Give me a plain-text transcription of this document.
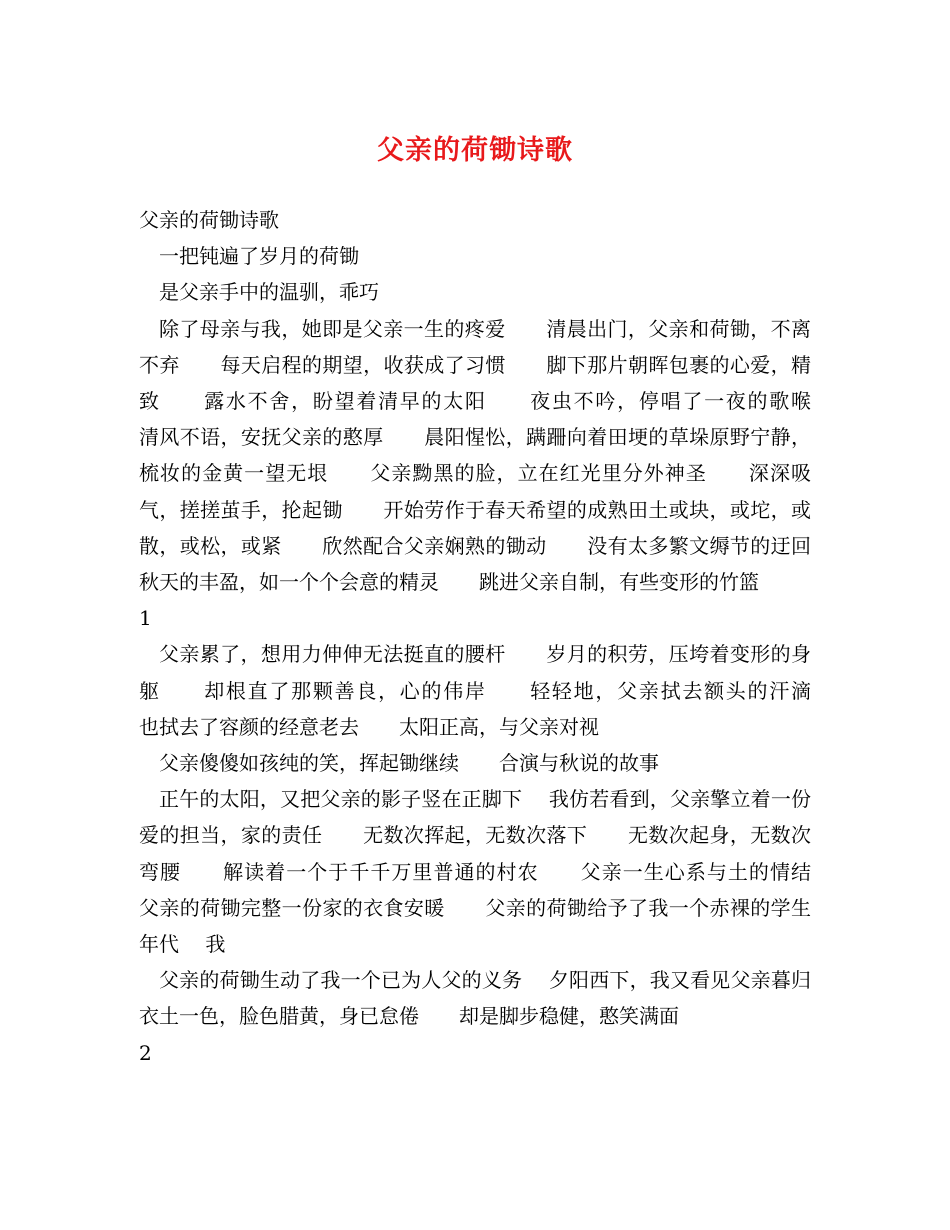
父亲的荷锄诗歌

父亲的荷锄诗歌

一把钝遍了岁月的荷锄

是父亲手中的温驯，乖巧

除了母亲与我，她即是父亲一生的疼爱　　清晨出门，父亲和荷锄，不离不弃　　每天启程的期望，收获成了习惯　　脚下那片朝晖包裹的心爱，精致　　露水不舍，盼望着清早的太阳　　夜虫不吟，停唱了一夜的歌喉　　清风不语，安抚父亲的憨厚　　晨阳惺忪，蹒跚向着田埂的草垛原野宁静，梳妆的金黄一望无垠　　父亲黝黑的脸，立在红光里分外神圣　　深深吸气，搓搓茧手，抡起锄　　开始劳作于春天希望的成熟田土或块，或坨，或散，或松，或紧　　欣然配合父亲娴熟的锄动　　没有太多繁文缛节的迂回　　秋天的丰盈，如一个个会意的精灵　　跳进父亲自制，有些变形的竹篮

1

父亲累了，想用力伸伸无法挺直的腰杆　　岁月的积劳，压垮着变形的身躯　　却根直了那颗善良，心的伟岸　　轻轻地，父亲拭去额头的汗滴　　也拭去了容颜的经意老去　　太阳正高，与父亲对视

父亲傻傻如孩纯的笑，挥起锄继续　　合演与秋说的故事

正午的太阳，又把父亲的影子竖在正脚下　 我仿若看到，父亲擎立着一份　　爱的担当，家的责任　　无数次挥起，无数次落下　　无数次起身，无数次弯腰　　解读着一个于千千万里普通的村农　　父亲一生心系与土的情结　　父亲的荷锄完整一份家的衣食安暖　　父亲的荷锄给予了我一个赤裸的学生年代　 我

父亲的荷锄生动了我一个已为人父的义务　 夕阳西下，我又看见父亲暮归　　衣土一色，脸色腊黄，身已怠倦　　却是脚步稳健，憨笑满面

2
